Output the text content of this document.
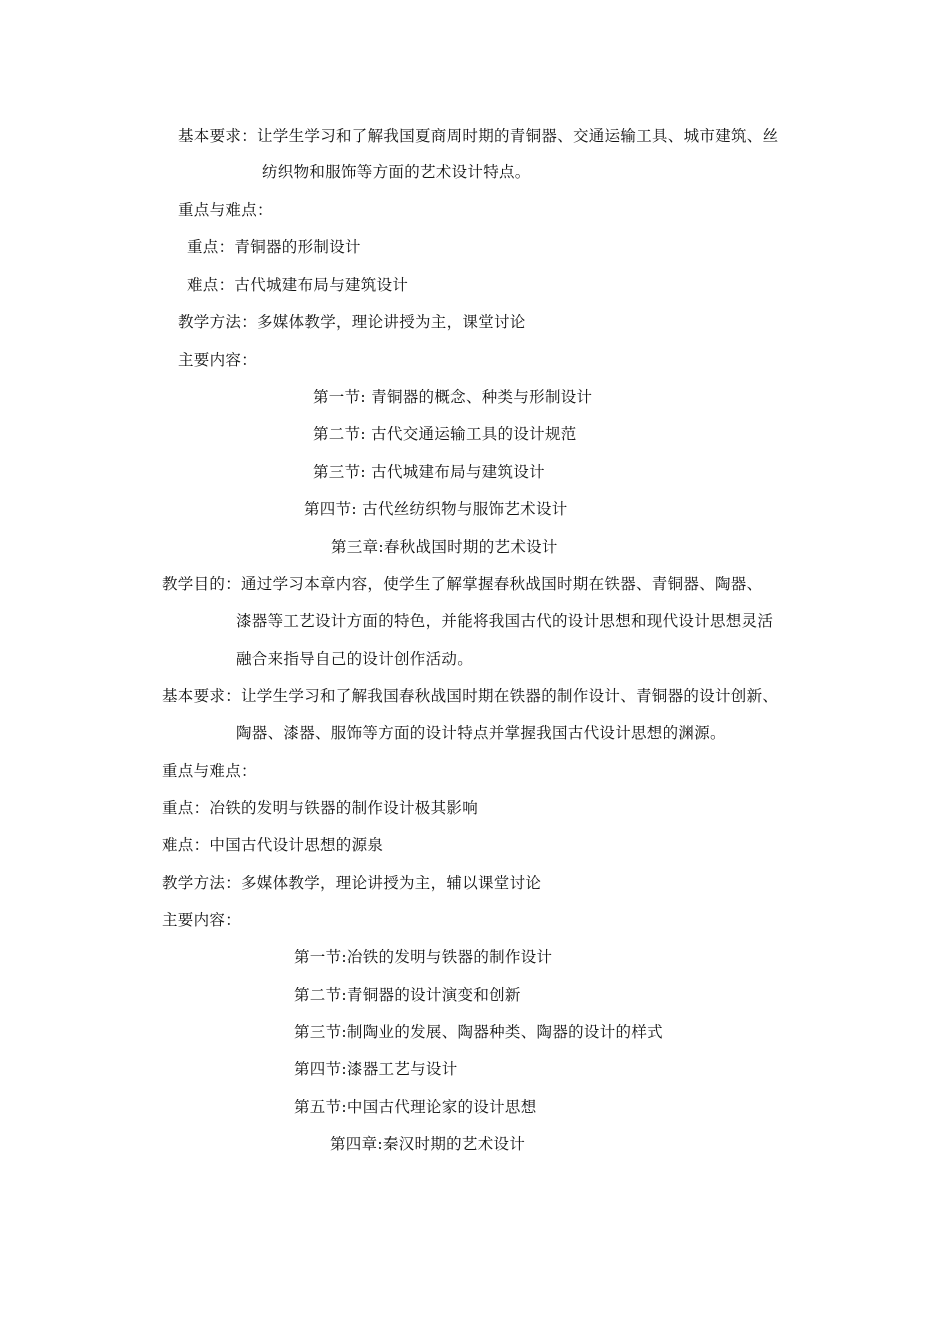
基本要求：让学生学习和了解我国夏商周时期的青铜器、交通运输工具、城市建筑、丝
纺织物和服饰等方面的艺术设计特点。
重点与难点：
重点：青铜器的形制设计
难点：古代城建布局与建筑设计
教学方法：多媒体教学，理论讲授为主，课堂讨论
主要内容：
第一节: 青铜器的概念、种类与形制设计
第二节: 古代交通运输工具的设计规范
第三节: 古代城建布局与建筑设计
第四节: 古代丝纺织物与服饰艺术设计
第三章:春秋战国时期的艺术设计
教学目的：通过学习本章内容，使学生了解掌握春秋战国时期在铁器、青铜器、陶器、
漆器等工艺设计方面的特色，并能将我国古代的设计思想和现代设计思想灵活
融合来指导自己的设计创作活动。
基本要求：让学生学习和了解我国春秋战国时期在铁器的制作设计、青铜器的设计创新、
陶器、漆器、服饰等方面的设计特点并掌握我国古代设计思想的渊源。
重点与难点：
重点：冶铁的发明与铁器的制作设计极其影响
难点：中国古代设计思想的源泉
教学方法：多媒体教学，理论讲授为主，辅以课堂讨论
主要内容：
第一节:冶铁的发明与铁器的制作设计
第二节:青铜器的设计演变和创新
第三节:制陶业的发展、陶器种类、陶器的设计的样式
第四节:漆器工艺与设计
第五节:中国古代理论家的设计思想
第四章:秦汉时期的艺术设计
